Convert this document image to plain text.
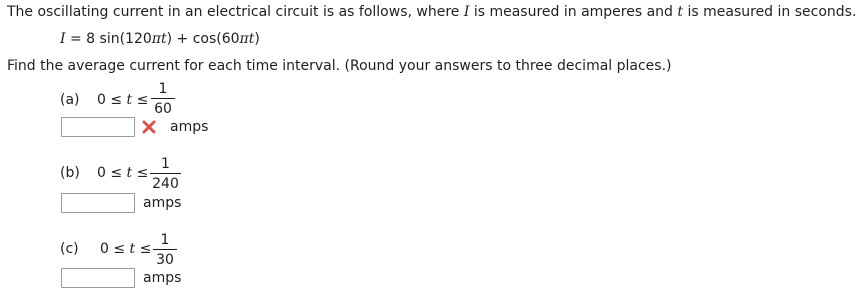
The oscillating current in an electrical circuit is as follows, where I is measured in amperes and t is measured in seconds.
I = 8 sin(120πt) + cos(60πt)
Find the average current for each time interval. (Round your answers to three decimal places.)
(a) 0 ≤ t ≤
1
60
amps
(b) 0 ≤ t ≤
1
240
amps
(c) 0 ≤ t ≤
1
30
amps
